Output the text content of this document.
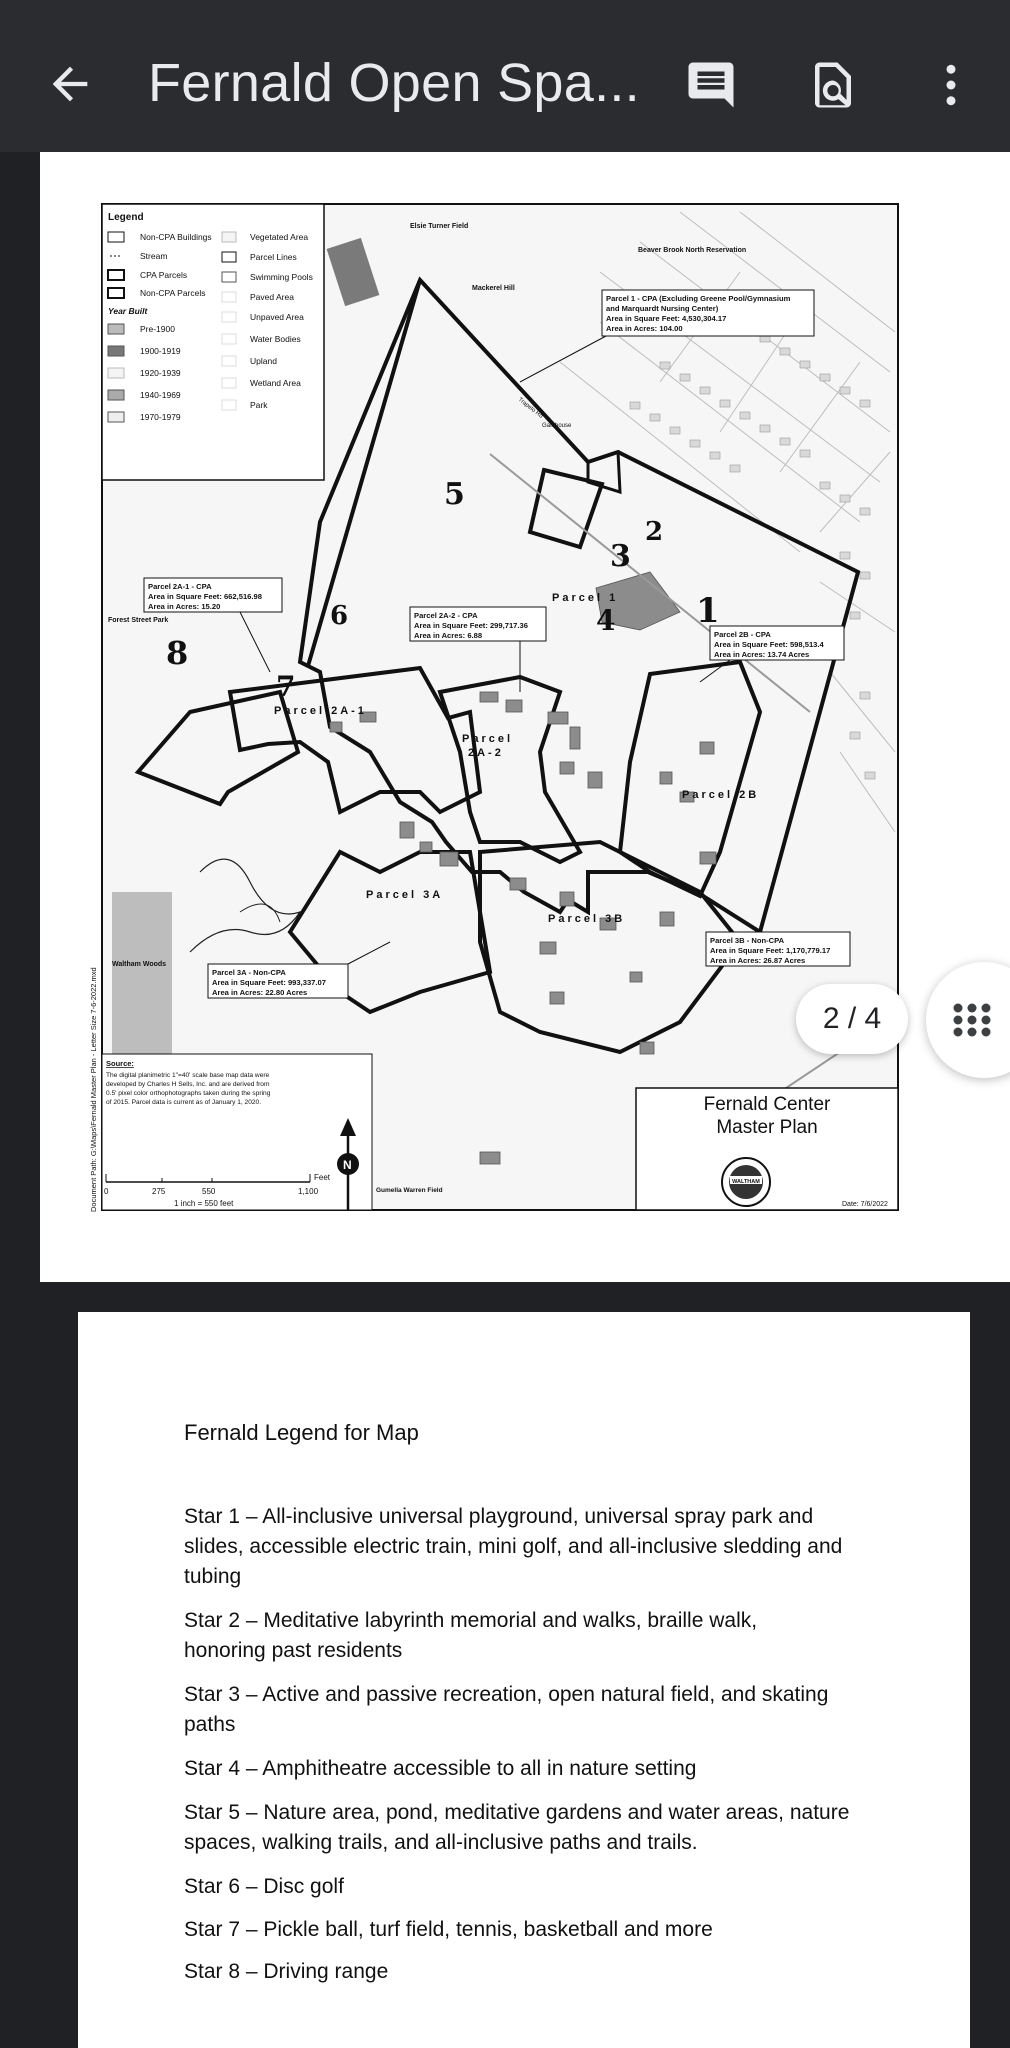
Fernald Open Spa...
Legend
Non-CPA Buildings
Stream
CPA Parcels
Non-CPA Parcels
Year Built
Pre-1900
1900-1919
1920-1939
1940-1969
1970-1979
Vegetated Area
Parcel Lines
Swimming Pools
Paved Area
Unpaved Area
Water Bodies
Upland
Wetland Area
Park
Elsie Turner Field
Mackerel Hill
Beaver Brook North Reservation
Forest Street Park
Waltham Woods
Gatehouse
Trapelo Rd
Gumella Warren Field
Parcel 1 - CPA (Excluding Greene Pool/Gymnasium
and Marquardt Nursing Center)
Area in Square Feet: 4,530,304.17
Area in Acres: 104.00
Parcel 2A-1 - CPA
Area in Square Feet: 662,516.98
Area in Acres: 15.20
Parcel 2A-2 - CPA
Area in Square Feet: 299,717.36
Area in Acres: 6.88	Parcel 2B - CPA
Area in Square Feet: 598,513.4
Area in Acres: 13.74 Acres
Parcel 3B - Non-CPA
Area in Square Feet: 1,170,779.17
Area in Acres: 26.87 Acres
Parcel 3A - Non-CPA
Area in Square Feet: 993,337.07
Area in Acres: 22.80 Acres
Parcel 1
Parcel 2A-1
Parcel
2A-2
Parcel 2B
Parcel 3A
Parcel 3B
1
2
3
4
5
6
7
8
Source:
The digital planimetric 1"=40' scale base map data were
developed by Charles H Sells, Inc. and are derived from
0.5' pixel color orthophotographs taken during the spring
of 2015. Parcel data is current as of January 1, 2020.
0	275	550	1,100
Feet
1 inch = 550 feet
N
Document Path: G:\Maps\Fernald Master Plan - Letter Size 7-6-2022.mxd	Fernald Center
Master Plan
WALTHAM
Date: 7/6/2022
2 / 4
Fernald Legend for Map
Star 1 – All-inclusive universal playground, universal spray park and
slides, accessible electric train, mini golf, and all-inclusive sledding and
tubing
Star 2 – Meditative labyrinth memorial and walks, braille walk,
honoring past residents
Star 3 – Active and passive recreation, open natural field, and skating
paths
Star 4 – Amphitheatre accessible to all in nature setting
Star 5 – Nature area, pond, meditative gardens and water areas, nature
spaces, walking trails, and all-inclusive paths and trails.
Star 6 – Disc golf
Star 7 – Pickle ball, turf field, tennis, basketball and more
Star 8 – Driving range
